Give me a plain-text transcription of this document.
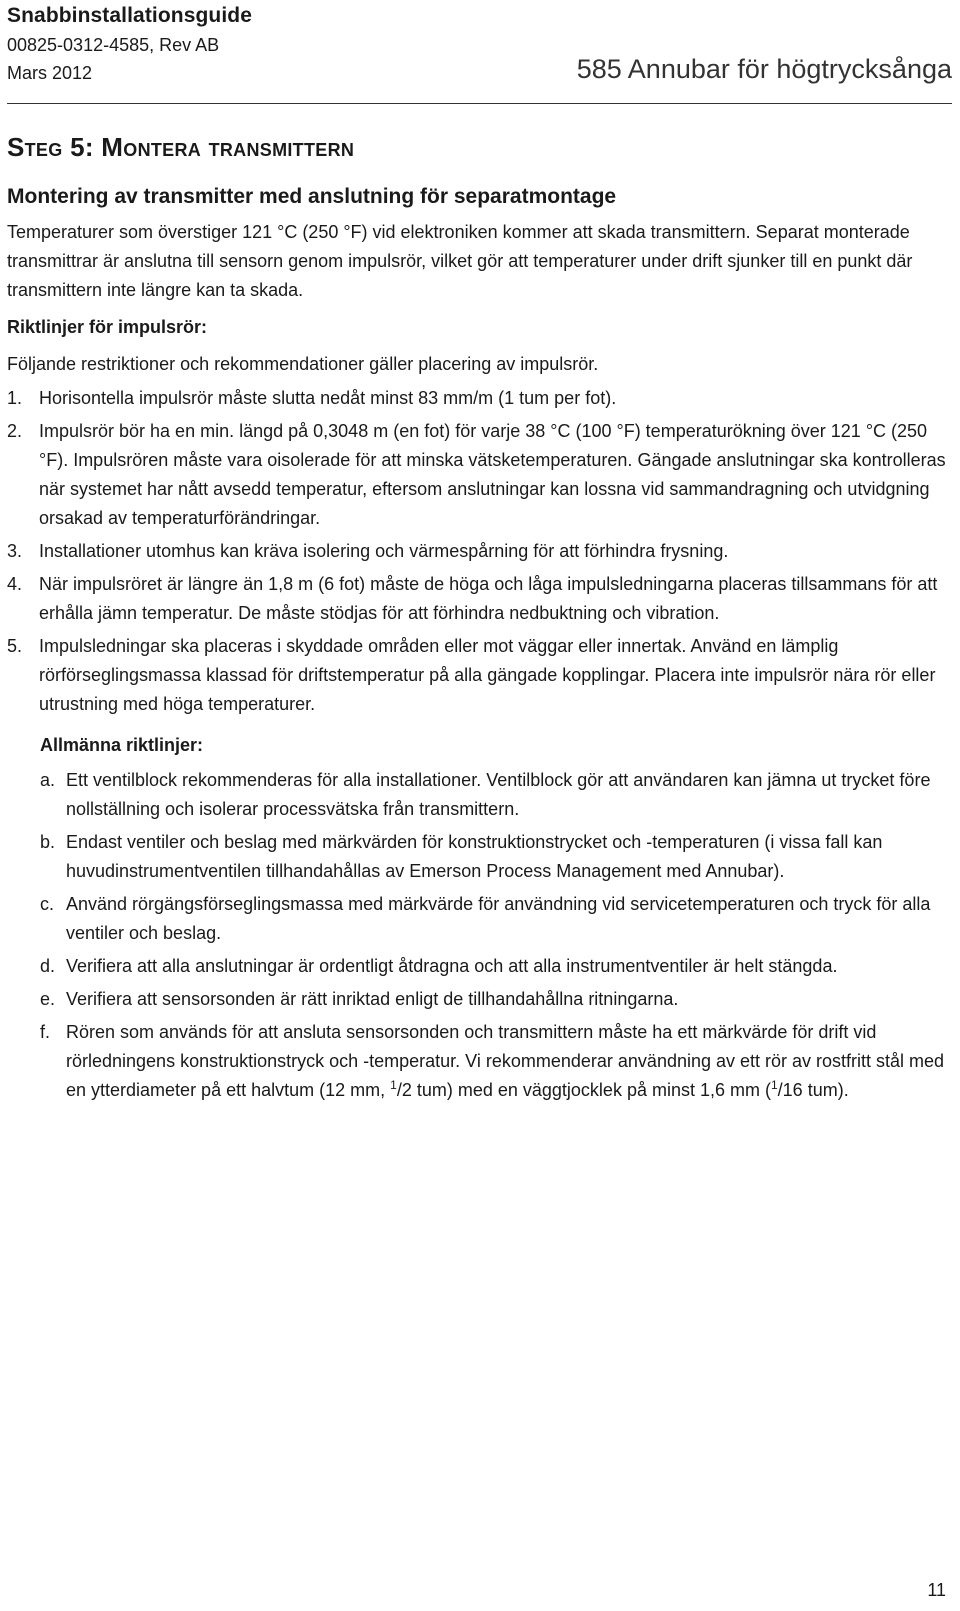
Snabbinstallationsguide
00825-0312-4585, Rev AB
Mars 2012	585 Annubar för högtrycksånga
Steg 5: Montera transmittern
Montering av transmitter med anslutning för separatmontage

Temperaturer som överstiger 121 °C (250 °F) vid elektroniken kommer att skada transmittern. Separat monterade transmittrar är anslutna till sensorn genom impulsrör, vilket gör att temperaturer under drift sjunker till en punkt där transmittern inte längre kan ta skada.

Riktlinjer för impulsrör:

Följande restriktioner och rekommendationer gäller placering av impulsrör.

1. Horisontella impulsrör måste slutta nedåt minst 83 mm/m (1 tum per fot).
2. Impulsrör bör ha en min. längd på 0,3048 m (en fot) för varje 38 °C (100 °F) temperaturökning över 121 °C (250 °F). Impulsrören måste vara oisolerade för att minska vätsketemperaturen. Gängade anslutningar ska kontrolleras när systemet har nått avsedd temperatur, eftersom anslutningar kan lossna vid sammandragning och utvidgning orsakad av temperaturförändringar.
3. Installationer utomhus kan kräva isolering och värmespårning för att förhindra frysning.
4. När impulsröret är längre än 1,8 m (6 fot) måste de höga och låga impulsledningarna placeras tillsammans för att erhålla jämn temperatur. De måste stödjas för att förhindra nedbuktning och vibration.
5. Impulsledningar ska placeras i skyddade områden eller mot väggar eller innertak. Använd en lämplig rörförseglingsmassa klassad för driftstemperatur på alla gängade kopplingar. Placera inte impulsrör nära rör eller utrustning med höga temperaturer.
Allmänna riktlinjer:
a. Ett ventilblock rekommenderas för alla installationer. Ventilblock gör att användaren kan jämna ut trycket före nollställning och isolerar processvätska från transmittern.
b. Endast ventiler och beslag med märkvärden för konstruktionstrycket och -temperaturen (i vissa fall kan huvudinstrumentventilen tillhandahållas av Emerson Process Management med Annubar).
c. Använd rörgängsförseglingsmassa med märkvärde för användning vid servicetemperaturen och tryck för alla ventiler och beslag.
d. Verifiera att alla anslutningar är ordentligt åtdragna och att alla instrumentventiler är helt stängda.
e. Verifiera att sensorsonden är rätt inriktad enligt de tillhandahållna ritningarna.
f. Rören som används för att ansluta sensorsonden och transmittern måste ha ett märkvärde för drift vid rörledningens konstruktionstryck och -temperatur. Vi rekommenderar användning av ett rör av rostfritt stål med en ytterdiameter på ett halvtum (12 mm, $^1$/2 tum) med en väggtjocklek på minst 1,6 mm ($^1$/16 tum).
11
